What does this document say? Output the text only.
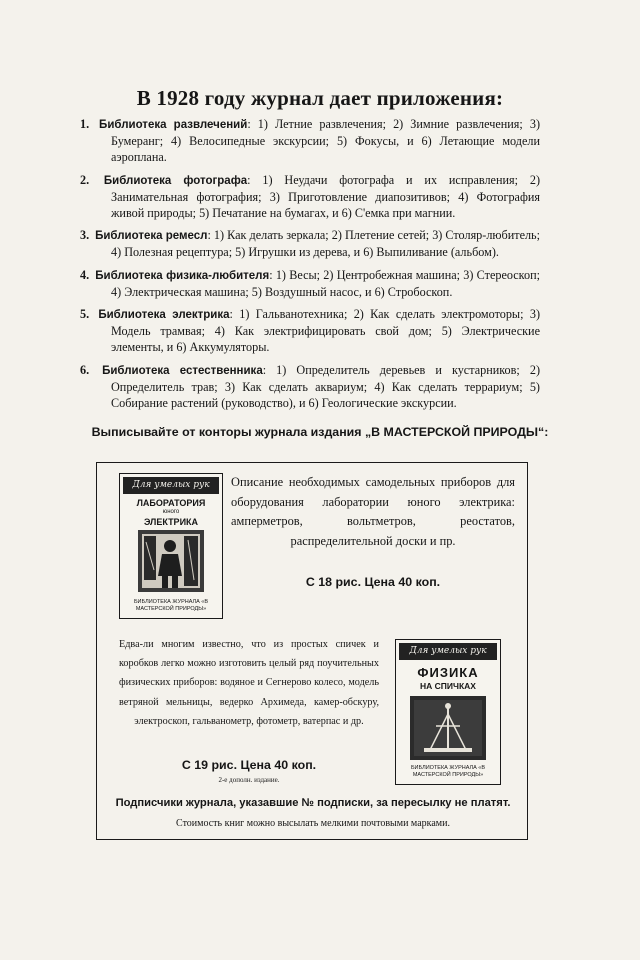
В 1928 году журнал дает приложения:

1. Библиотека развлечений: 1) Летние развлечения; 2) Зимние развлечения; 3) Бумеранг; 4) Велосипедные экскурсии; 5) Фокусы, и 6) Летающие модели аэроплана.

2. Библиотека фотографа: 1) Неудачи фотографа и их исправления; 2) Занимательная фотография; 3) Приготовление диапозитивов; 4) Фотография живой природы; 5) Печатание на бумагах, и 6) С'емка при магнии.

3. Библиотека ремесл: 1) Как делать зеркала; 2) Плетение сетей; 3) Столяр-любитель; 4) Полезная рецептура; 5) Игрушки из дерева, и 6) Выпиливание (альбом).

4. Библиотека физика-любителя: 1) Весы; 2) Центробежная машина; 3) Стереоскоп; 4) Электрическая машина; 5) Воздушный насос, и 6) Стробоскоп.

5. Библиотека электрика: 1) Гальванотехника; 2) Как сделать электромоторы; 3) Модель трамвая; 4) Как электрифицировать свой дом; 5) Электрические элементы, и 6) Аккумуляторы.

6. Библиотека естественника: 1) Определитель деревьев и кустарников; 2) Определитель трав; 3) Как сделать аквариум; 4) Как сделать террариум; 5) Собирание растений (руководство), и 6) Геологические экскурсии.

Выписывайте от конторы журнала издания „В МАСТЕРСКОЙ ПРИРОДЫ“:
Для умелых рук
ЛАБОРАТОРИЯ
юного
ЭЛЕКТРИКА
БИБЛИОТЕКА ЖУРНАЛА «В МАСТЕРСКОЙ ПРИРОДЫ»
Описание необходимых самодельных приборов для оборудования лаборатории юного электрика: амперметров, вольтметров, реостатов, распределительной доски и пр.
С 18 рис. Цена 40 коп.
Едва-ли многим известно, что из простых спичек и коробков легко можно изготовить целый ряд поучительных физических приборов: водяное и Сегнерово колесо, модель ветряной мельницы, ведерко Архимеда, камер-обскуру, электроскоп, гальванометр, фотометр, ватерпас и др.
С 19 рис. Цена 40 коп.
2-е дополн. издание.
Для умелых рук
ФИЗИКА
НА СПИЧКАХ
БИБЛИОТЕКА ЖУРНАЛА «В МАСТЕРСКОЙ ПРИРОДЫ»
Подписчики журнала, указавшие № подписки, за пересылку не платят.
Стоимость книг можно высылать мелкими почтовыми марками.
